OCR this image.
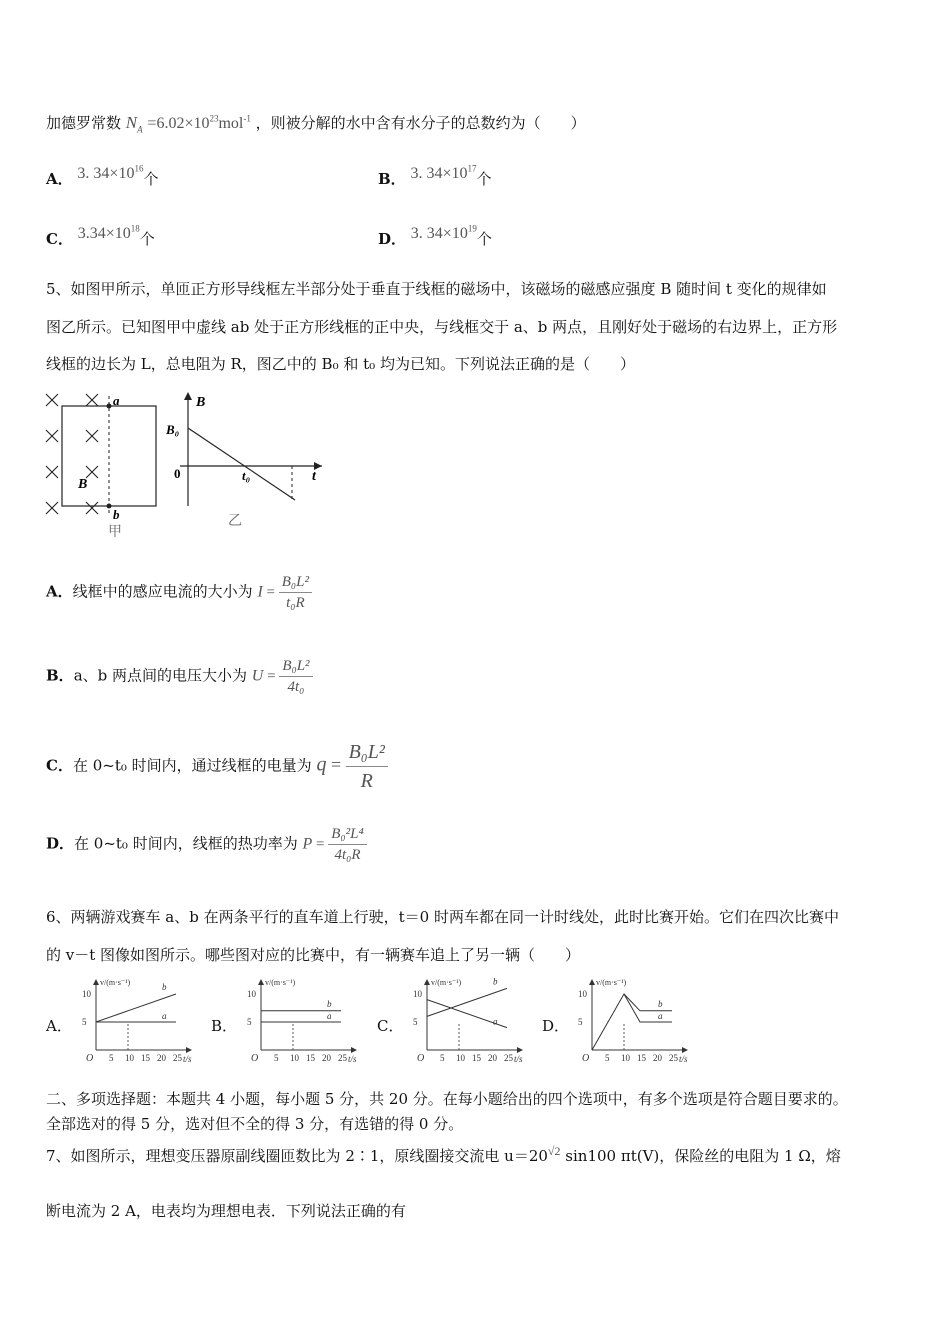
加德罗常数 $N_A =6.02\times 10^{23}mol^{-1}$ ，则被分解的水中含有水分子的总数约为（　　）
A． 3. $34\times 10^{16}$个	B． 3. $34\times 10^{17}$个
C． $3.34\times 10^{18}$个	D． 3. $34\times 10^{19}$个
5、如图甲所示，单匝正方形导线框左半部分处于垂直于线框的磁场中，该磁场的磁感应强度 B 随时间 t 变化的规律如
图乙所示。已知图甲中虚线 ab 处于正方形线框的正中央，与线框交于 a、b 两点，且刚好处于磁场的右边界上，正方形
线框的边长为 L，总电阻为 R，图乙中的 B₀ 和 t₀ 均为已知。下列说法正确的是（　　）
a
b
B
甲
B
B₀
0	t₀	t
乙
A．线框中的感应电流的大小为 $I = \frac{\text{B₀L²}}{\text{t₀R}}$
B．a、b 两点间的电压大小为 $U = \frac{\text{B₀L²}}{\text{4t₀}}$
C．在 0~t₀ 时间内，通过线框的电量为 $q = \frac{\text{B₀L²}}{R}$
D．在 0~t₀ 时间内，线框的热功率为 $P = \frac{\text{B₀²L⁴}}{\text{4t₀R}}$
6、两辆游戏赛车 a、b 在两条平行的直车道上行驶，t＝0 时两车都在同一计时线处，此时比赛开始。它们在四次比赛中
的 v－t 图像如图所示。哪些图对应的比赛中，有一辆赛车追上了另一辆（　　）
A．	B．	C．	D．
v/(m·s⁻¹)
t/s
O
10
5
5 10 15 20 25
a
b	v/(m·s⁻¹)
t/s
O
10
5
5 10 15 20 25
a
b
v/(m·s⁻¹)
t/s
O
10
5
5 10 15 20 25
a
b	v/(m·s⁻¹)
t/s
O
10
5
5 10 15 20 25
a
b
二、多项选择题：本题共 4 小题，每小题 5 分，共 20 分。在每小题给出的四个选项中，有多个选项是符合题目要求的。
全部选对的得 5 分，选对但不全的得 3 分，有选错的得 0 分。
7、如图所示，理想变压器原副线圈匝数比为 2∶1，原线圈接交流电 $u=20^{√2}$ sin100 πt(V)，保险丝的电阻为 1 Ω，熔
断电流为 2 A，电表均为理想电表．下列说法正确的有
